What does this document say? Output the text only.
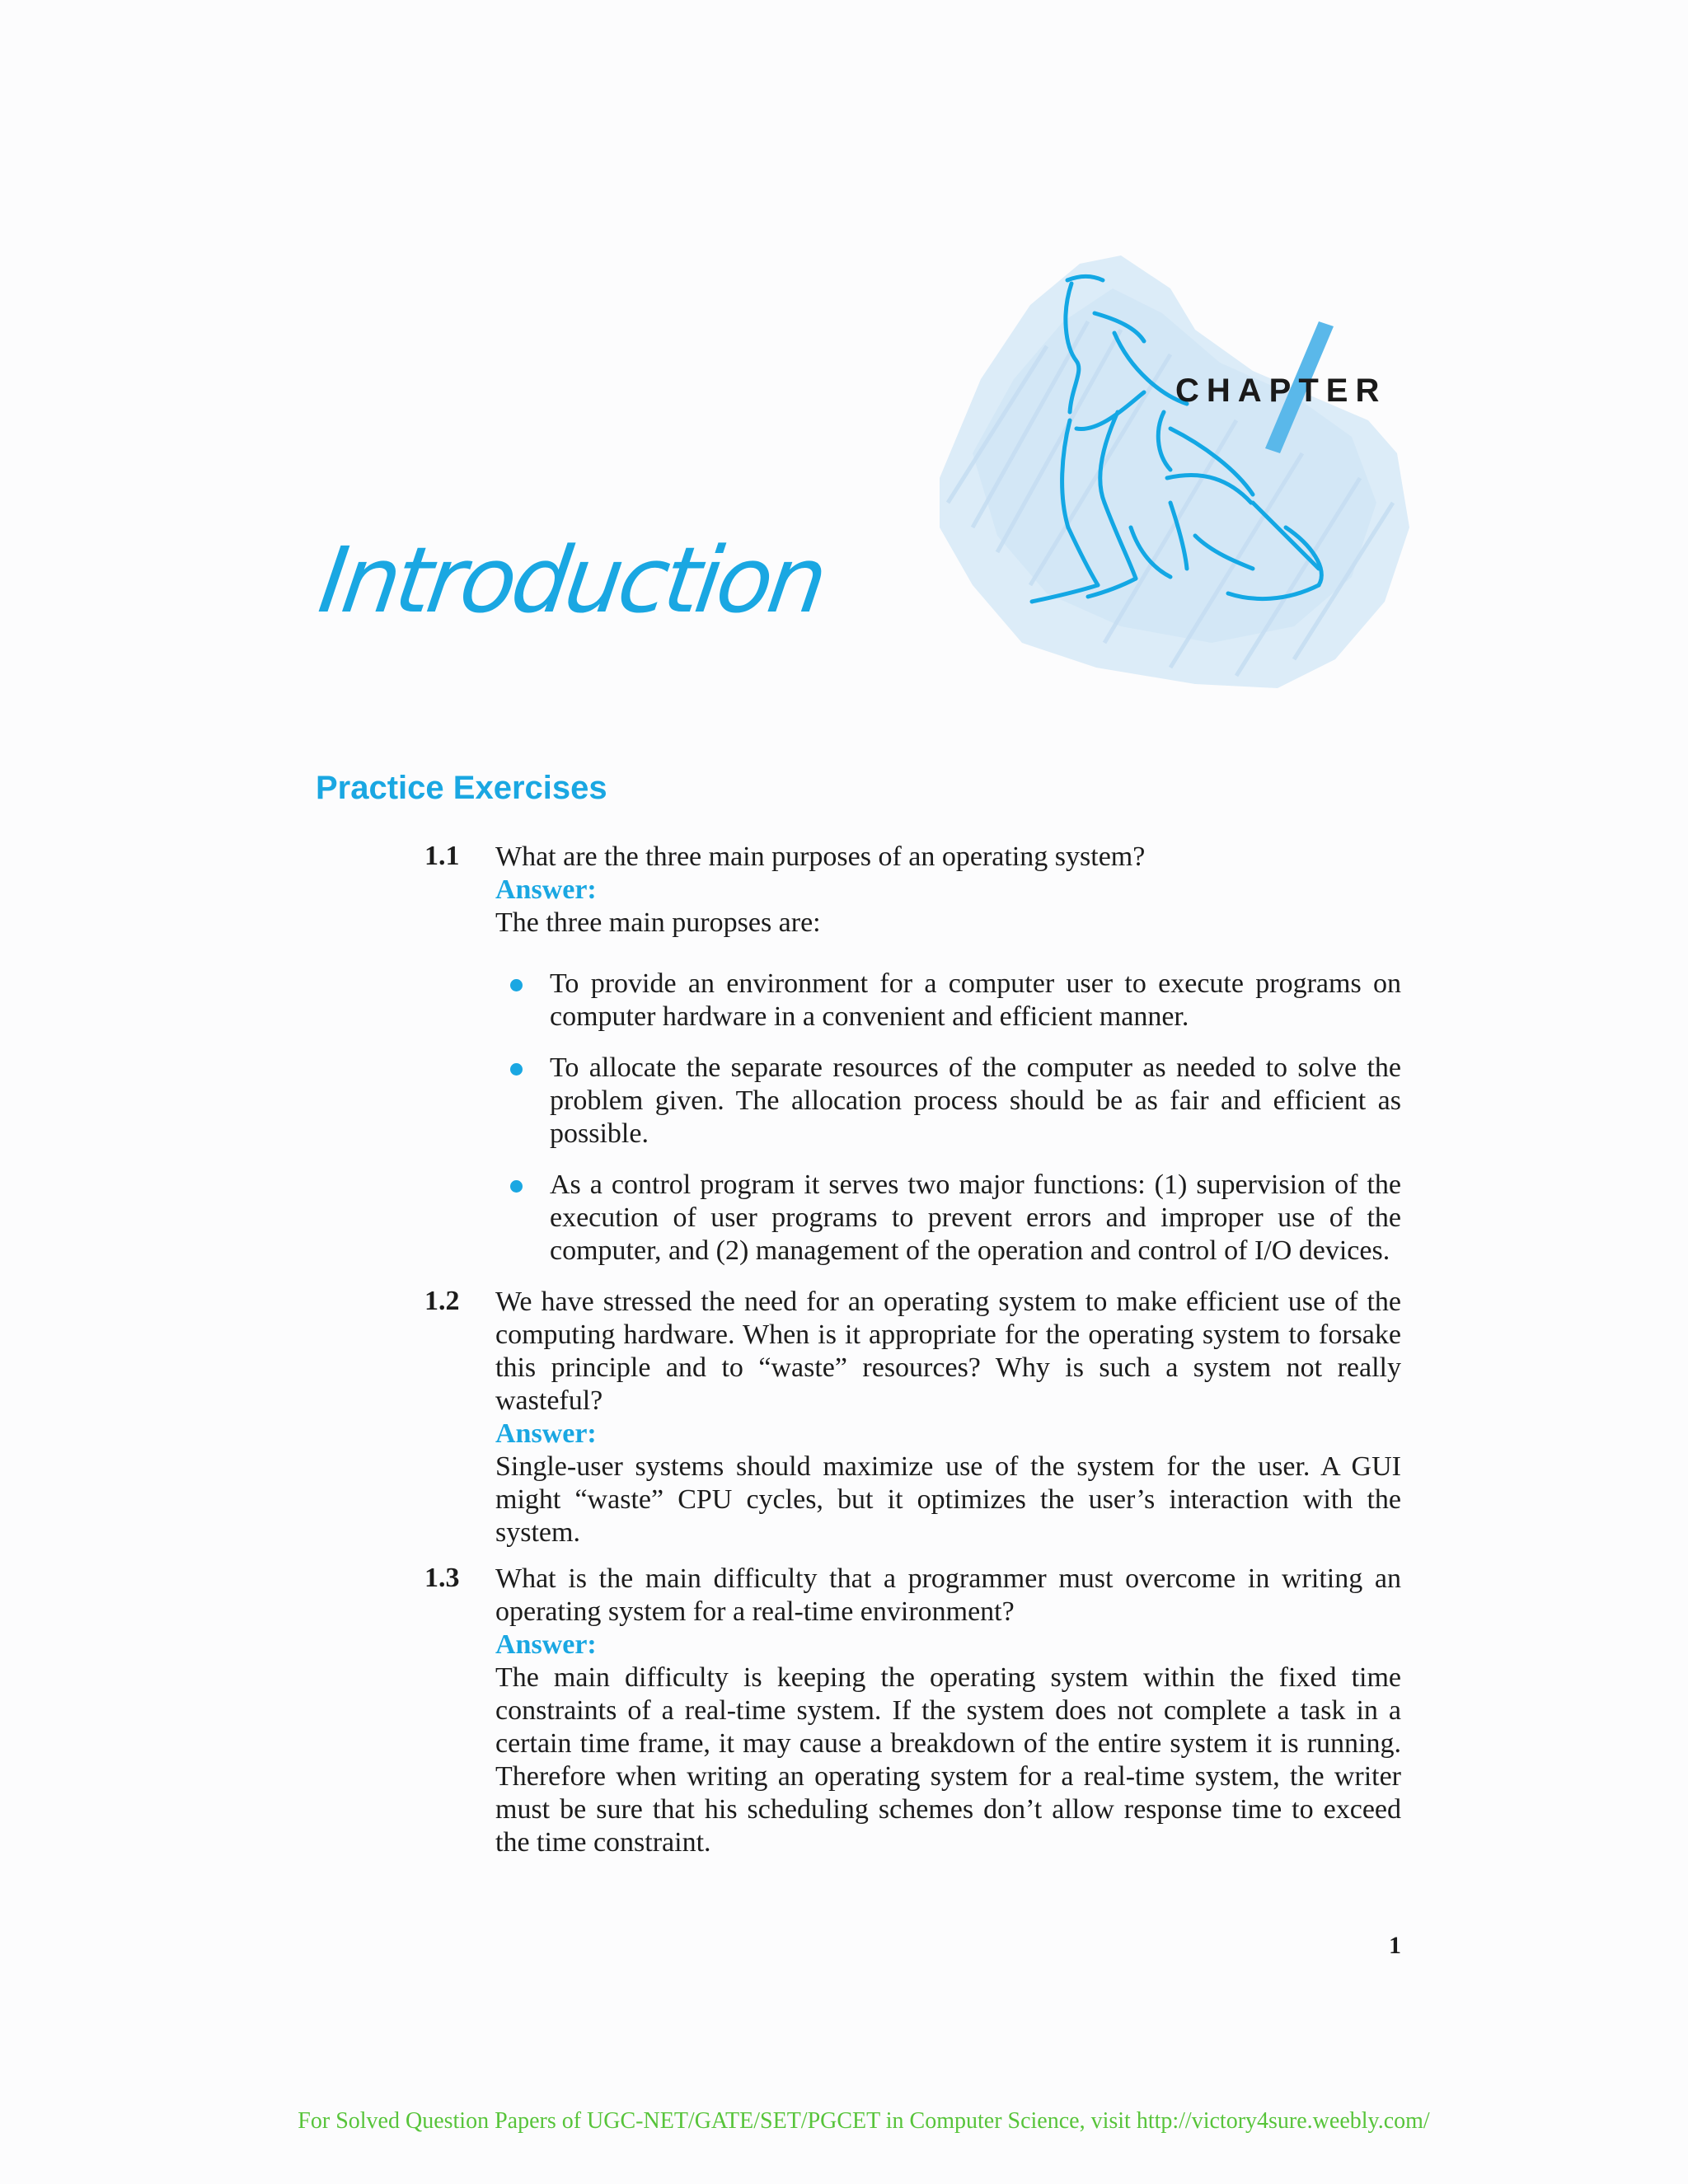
CHAPTER
Introduction
Practice Exercises
1.1 What are the three main purposes of an operating system?

Answer:

The three main puropses are:

To provide an environment for a computer user to execute programs on computer hardware in a convenient and efficient manner.
To allocate the separate resources of the computer as needed to solve the problem given. The allocation process should be as fair and efficient as possible.
As a control program it serves two major functions: (1) supervision of the execution of user programs to prevent errors and improper use of the computer, and (2) management of the operation and control of I/O devices.
1.2 We have stressed the need for an operating system to make efficient use of the computing hardware. When is it appropriate for the operating system to forsake this principle and to “waste” resources? Why is such a system not really wasteful?

Answer:

Single-user systems should maximize use of the system for the user. A GUI might “waste” CPU cycles, but it optimizes the user’s interaction with the system.

1.3 What is the main difficulty that a programmer must overcome in writing an operating system for a real-time environment?

Answer:

The main difficulty is keeping the operating system within the fixed time constraints of a real-time system. If the system does not complete a task in a certain time frame, it may cause a breakdown of the entire system it is running. Therefore when writing an operating system for a real-time system, the writer must be sure that his scheduling schemes don’t allow response time to exceed the time constraint.

1
For Solved Question Papers of UGC-NET/GATE/SET/PGCET in Computer Science, visit http://victory4sure.weebly.com/
